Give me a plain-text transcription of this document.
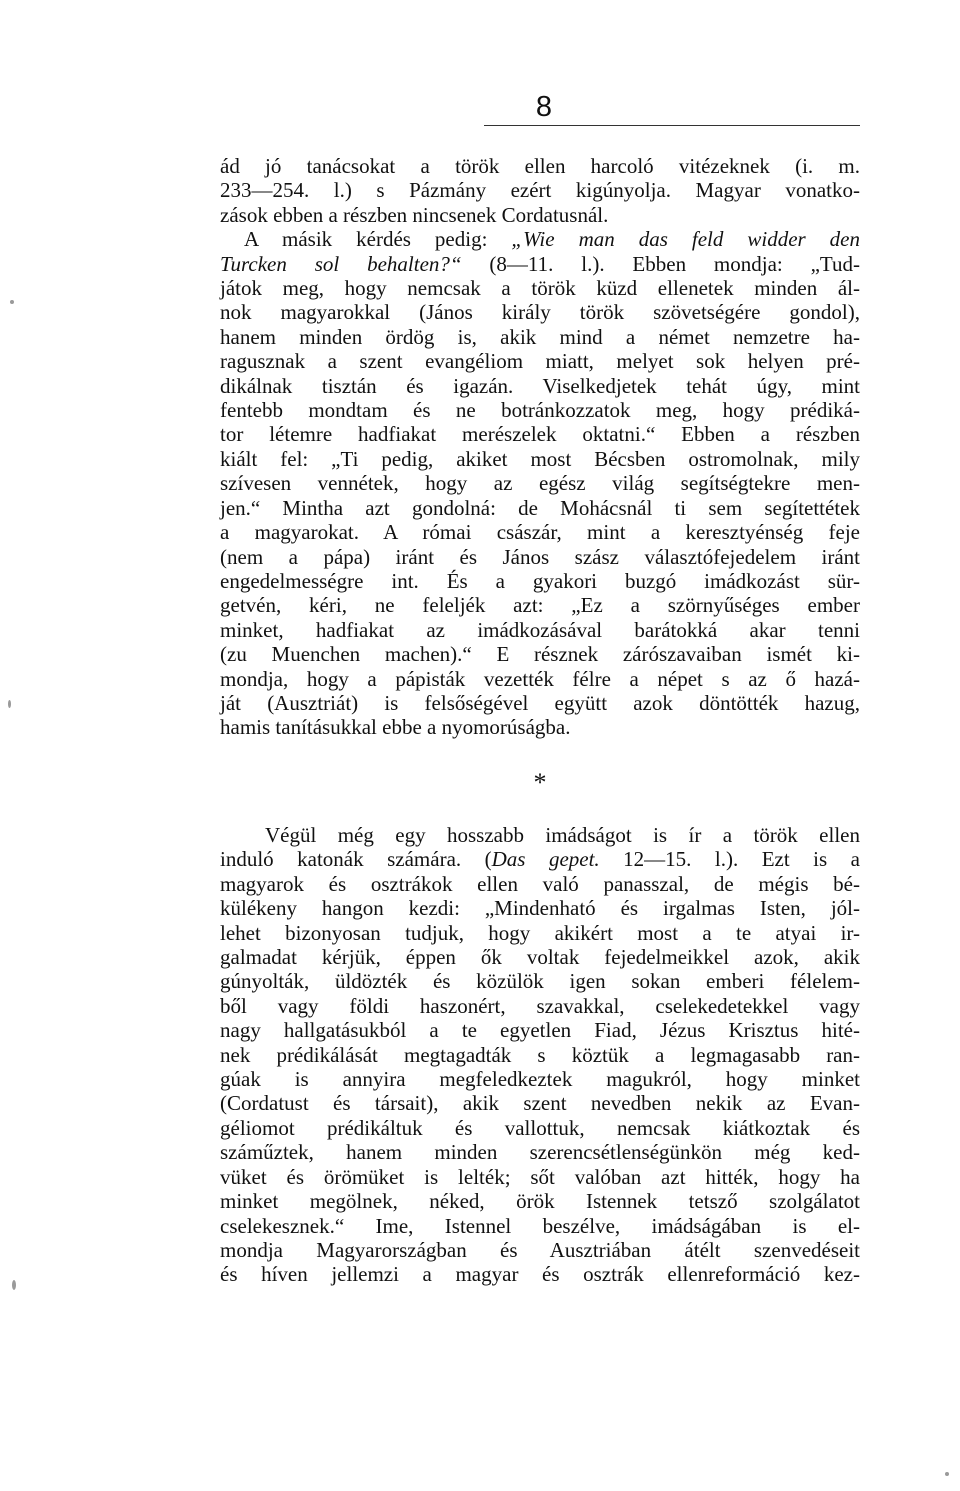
8

ád jó tanácsokat a török ellen harcoló vitézeknek (i. m.
233—254. l.) s Pázmány ezért kigúnyolja. Magyar vonatko-
zások ebben a részben nincsenek Cordatusnál.

A másik kérdés pedig: „Wie man das feld widder den
Turcken sol behalten?“ (8—11. l.). Ebben mondja: „Tud-
játok meg, hogy nemcsak a török küzd ellenetek minden ál-
nok magyarokkal (János király török szövetségére gondol),
hanem minden ördög is, akik mind a német nemzetre ha-
ragusznak a szent evangéliom miatt, melyet sok helyen pré-
dikálnak tisztán és igazán. Viselkedjetek tehát úgy, mint
fentebb mondtam és ne botránkozzatok meg, hogy prédiká-
tor létemre hadfiakat merészelek oktatni.“ Ebben a részben
kiált fel: „Ti pedig, akiket most Bécsben ostromolnak, mily
szívesen vennétek, hogy az egész világ segítségtekre men-
jen.“ Mintha azt gondolná: de Mohácsnál ti sem segítettétek
a magyarokat. A római császár, mint a keresztyénség feje
(nem a pápa) iránt és János szász választófejedelem iránt
engedelmességre int. És a gyakori buzgó imádkozást sür-
getvén, kéri, ne feleljék azt: „Ez a szörnyűséges ember
minket, hadfiakat az imádkozásával barátokká akar tenni
(zu Muenchen machen).“ E résznek zárószavaiban ismét ki-
mondja, hogy a pápisták vezették félre a népet s az ő hazá-
ját (Ausztriát) is felsőségével együtt azok döntötték hazug,
hamis tanításukkal ebbe a nyomorúságba.

*

Végül még egy hosszabb imádságot is ír a török ellen
induló katonák számára. (Das gepet. 12—15. l.). Ezt is a
magyarok és osztrákok ellen való panasszal, de mégis bé-
külékeny hangon kezdi: „Mindenható és irgalmas Isten, jól-
lehet bizonyosan tudjuk, hogy akikért most a te atyai ir-
galmadat kérjük, éppen ők voltak fejedelmeikkel azok, akik
gúnyolták, üldözték és közülök igen sokan emberi félelem-
ből vagy földi haszonért, szavakkal, cselekedetekkel vagy
nagy hallgatásukból a te egyetlen Fiad, Jézus Krisztus hité-
nek prédikálását megtagadták s köztük a legmagasabb ran-
gúak is annyira megfeledkeztek magukról, hogy minket
(Cordatust és társait), akik szent nevedben nekik az Evan-
géliomot prédikáltuk és vallottuk, nemcsak kiátkoztak és
száműztek, hanem minden szerencsétlenségünkön még ked-
vüket és örömüket is lelték; sőt valóban azt hitték, hogy ha
minket megölnek, néked, örök Istennek tetsző szolgálatot
cselekesznek.“ Ime, Istennel beszélve, imádságában is el-
mondja Magyarországban és Ausztriában átélt szenvedéseit
és híven jellemzi a magyar és osztrák ellenreformáció kez-
